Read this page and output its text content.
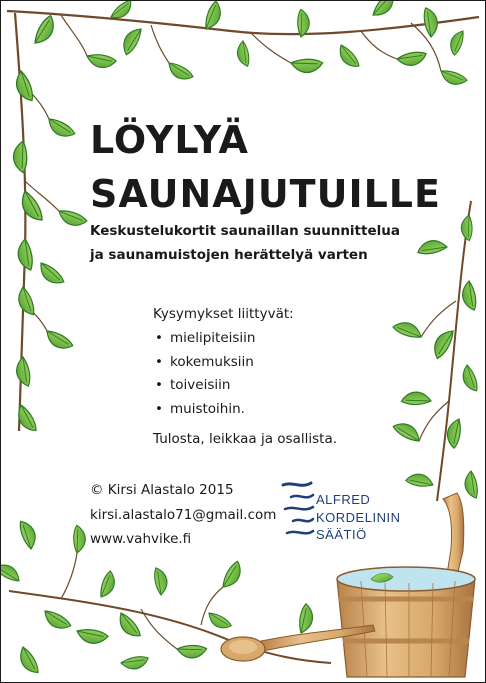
LÖYLYÄ
SAUNAJUTUILLE

Keskustelukortit saunaillan suunnittelua
ja saunamuistojen herättelyä varten

Kysymykset liittyvät:
• mielipiteisiin
• kokemuksiin
• toiveisiin
• muistoihin.
Tulosta, leikkaa ja osallista.
© Kirsi Alastalo 2015
kirsi.alastalo71@gmail.com
www.vahvike.fi
ALFRED
KORDELININ
SÄÄTIÖ
